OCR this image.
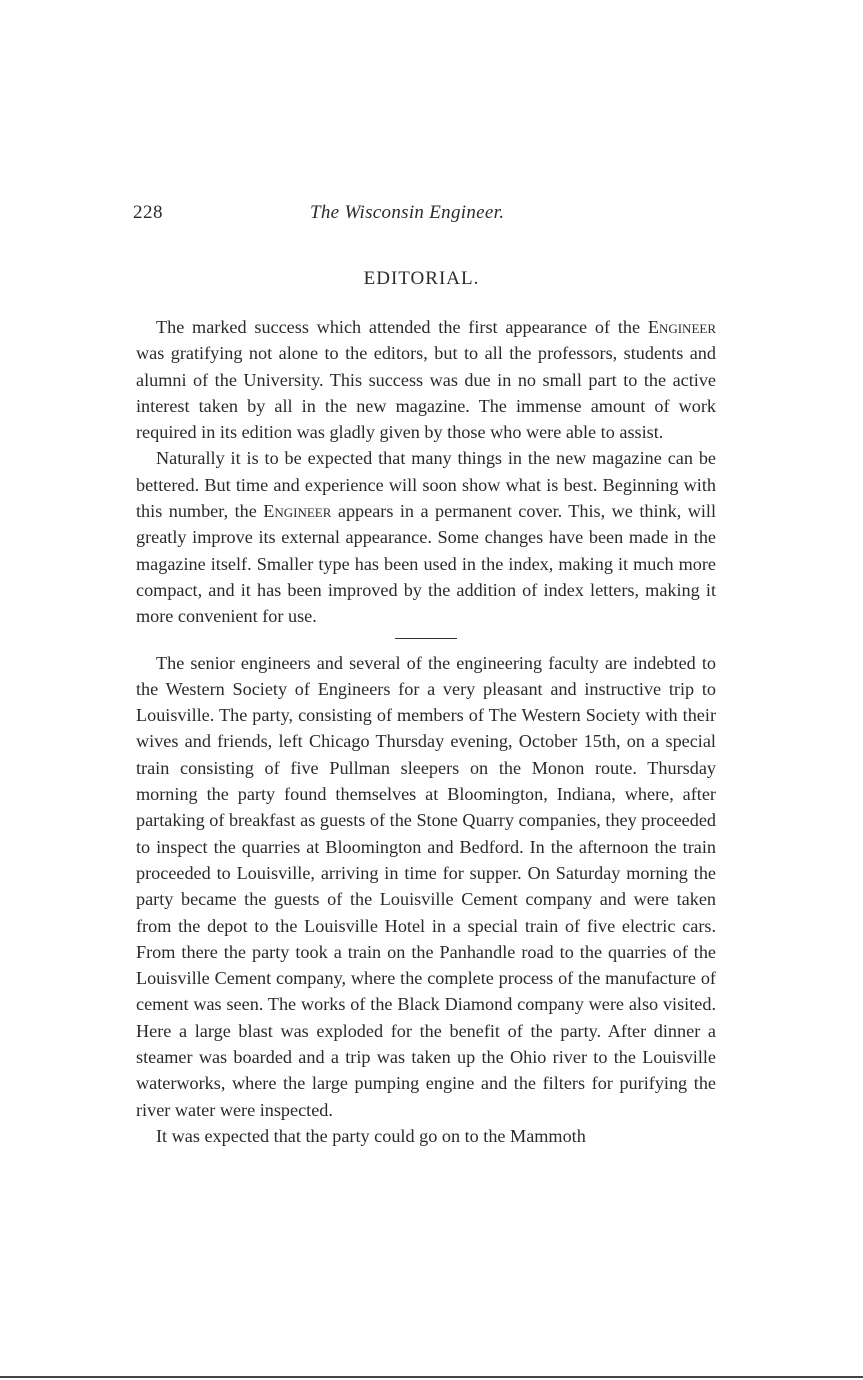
228	The Wisconsin Engineer.
EDITORIAL.

The marked success which attended the first appearance of the Engineer was gratifying not alone to the editors, but to all the professors, students and alumni of the University. This success was due in no small part to the active interest taken by all in the new magazine. The immense amount of work required in its edition was gladly given by those who were able to assist.

Naturally it is to be expected that many things in the new magazine can be bettered. But time and experience will soon show what is best. Beginning with this number, the Engineer appears in a permanent cover. This, we think, will greatly improve its external appearance. Some changes have been made in the magazine itself. Smaller type has been used in the index, making it much more compact, and it has been improved by the addition of index letters, making it more convenient for use.

The senior engineers and several of the engineering faculty are indebted to the Western Society of Engineers for a very pleasant and instructive trip to Louisville. The party, consisting of members of The Western Society with their wives and friends, left Chicago Thursday evening, October 15th, on a special train consisting of five Pullman sleepers on the Monon route. Thursday morning the party found themselves at Bloomington, Indiana, where, after partaking of breakfast as guests of the Stone Quarry companies, they proceeded to inspect the quarries at Bloomington and Bedford. In the afternoon the train proceeded to Louisville, arriving in time for supper. On Saturday morning the party became the guests of the Louisville Cement company and were taken from the depot to the Louisville Hotel in a special train of five electric cars. From there the party took a train on the Panhandle road to the quarries of the Louisville Cement company, where the complete process of the manufacture of cement was seen. The works of the Black Diamond company were also visited. Here a large blast was exploded for the benefit of the party. After dinner a steamer was boarded and a trip was taken up the Ohio river to the Louisville waterworks, where the large pumping engine and the filters for purifying the river water were inspected.

It was expected that the party could go on to the Mammoth
